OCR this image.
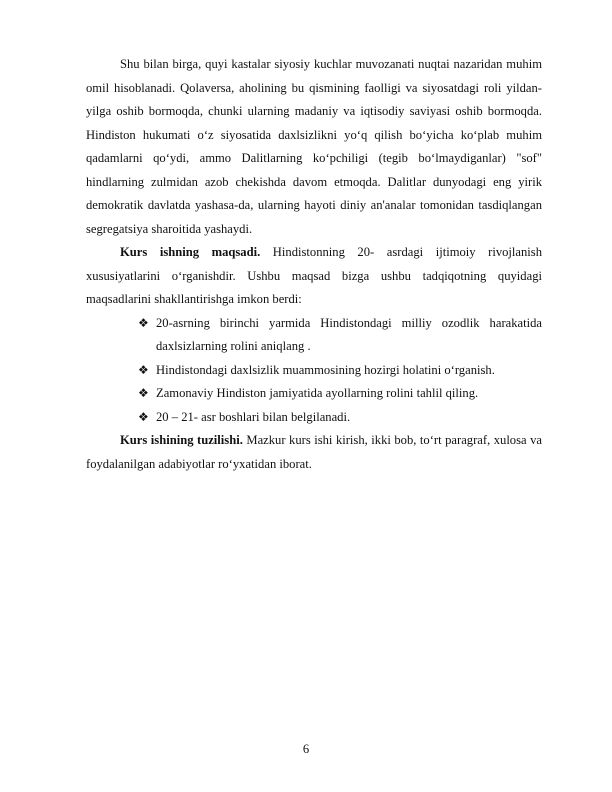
Shu bilan birga, quyi kastalar siyosiy kuchlar muvozanati nuqtai nazaridan muhim omil hisoblanadi. Qolaversa, aholining bu qismining faolligi va siyosatdagi roli yildan-yilga oshib bormoqda, chunki ularning madaniy va iqtisodiy saviyasi oshib bormoqda. Hindiston hukumati o‘z siyosatida daxlsizlikni yo‘q qilish bo‘yicha ko‘plab muhim qadamlarni qo‘ydi, ammo Dalitlarning ko‘pchiligi (tegib bo‘lmaydiganlar) "sof" hindlarning zulmidan azob chekishda davom etmoqda. Dalitlar dunyodagi eng yirik demokratik davlatda yashasa-da, ularning hayoti diniy an'analar tomonidan tasdiqlangan segregatsiya sharoitida yashaydi.

Kurs ishning maqsadi. Hindistonning 20- asrdagi ijtimoiy rivojlanish xususiyatlarini o‘rganishdir. Ushbu maqsad bizga ushbu tadqiqotning quyidagi maqsadlarini shakllantirishga imkon berdi:

❖ 20-asrning birinchi yarmida Hindistondagi milliy ozodlik harakatida daxlsizlarning rolini aniqlang .
❖ Hindistondagi daxlsizlik muammosining hozirgi holatini o‘rganish.
❖ Zamonaviy Hindiston jamiyatida ayollarning rolini tahlil qiling.
❖ 20 – 21- asr boshlari bilan belgilanadi.

Kurs ishining tuzilishi. Mazkur kurs ishi kirish, ikki bob, to‘rt paragraf, xulosa va foydalanilgan adabiyotlar ro‘yxatidan iborat.

6
